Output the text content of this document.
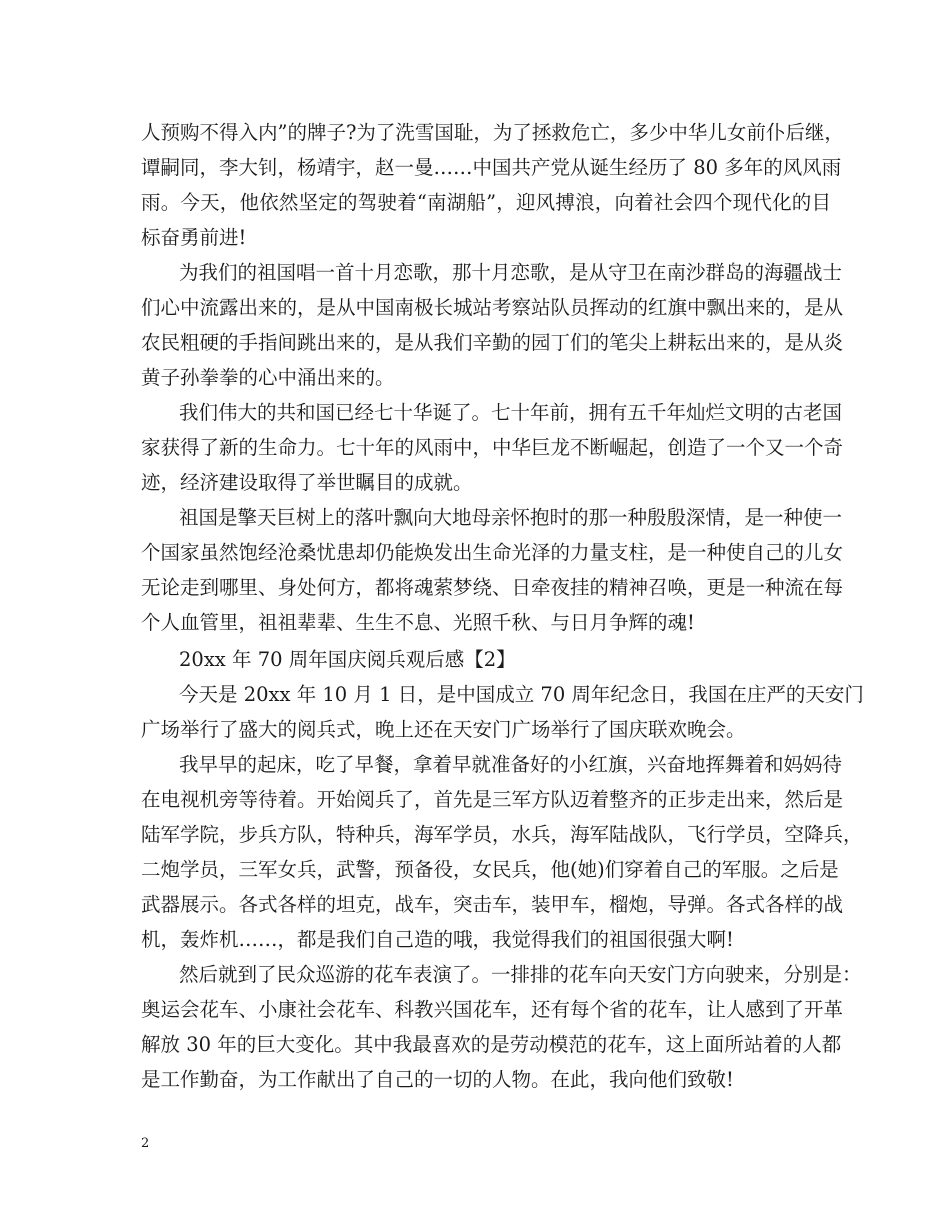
人预购不得入内”的牌子?为了洗雪国耻，为了拯救危亡，多少中华儿女前仆后继，

谭嗣同，李大钊，杨靖宇，赵一曼……中国共产党从诞生经历了 80 多年的风风雨

雨。今天，他依然坚定的驾驶着“南湖船”，迎风搏浪，向着社会四个现代化的目

标奋勇前进!

为我们的祖国唱一首十月恋歌，那十月恋歌，是从守卫在南沙群岛的海疆战士

们心中流露出来的，是从中国南极长城站考察站队员挥动的红旗中飘出来的，是从

农民粗硬的手指间跳出来的，是从我们辛勤的园丁们的笔尖上耕耘出来的，是从炎

黄子孙拳拳的心中涌出来的。

我们伟大的共和国已经七十华诞了。七十年前，拥有五千年灿烂文明的古老国

家获得了新的生命力。七十年的风雨中，中华巨龙不断崛起，创造了一个又一个奇

迹，经济建设取得了举世瞩目的成就。

祖国是擎天巨树上的落叶飘向大地母亲怀抱时的那一种殷殷深情，是一种使一

个国家虽然饱经沧桑忧患却仍能焕发出生命光泽的力量支柱，是一种使自己的儿女

无论走到哪里、身处何方，都将魂萦梦绕、日牵夜挂的精神召唤，更是一种流在每

个人血管里，祖祖辈辈、生生不息、光照千秋、与日月争辉的魂!

20xx 年 70 周年国庆阅兵观后感【2】

今天是 20xx 年 10 月 1 日，是中国成立 70 周年纪念日，我国在庄严的天安门

广场举行了盛大的阅兵式，晚上还在天安门广场举行了国庆联欢晚会。

我早早的起床，吃了早餐，拿着早就准备好的小红旗，兴奋地挥舞着和妈妈待

在电视机旁等待着。开始阅兵了，首先是三军方队迈着整齐的正步走出来，然后是

陆军学院，步兵方队，特种兵，海军学员，水兵，海军陆战队，飞行学员，空降兵，

二炮学员，三军女兵，武警，预备役，女民兵，他(她)们穿着自己的军服。之后是

武器展示。各式各样的坦克，战车，突击车，装甲车，榴炮，导弹。各式各样的战

机，轰炸机……，都是我们自己造的哦，我觉得我们的祖国很强大啊!

然后就到了民众巡游的花车表演了。一排排的花车向天安门方向驶来，分别是：

奥运会花车、小康社会花车、科教兴国花车，还有每个省的花车，让人感到了开革

解放 30 年的巨大变化。其中我最喜欢的是劳动模范的花车，这上面所站着的人都

是工作勤奋，为工作献出了自己的一切的人物。在此，我向他们致敬!

2
